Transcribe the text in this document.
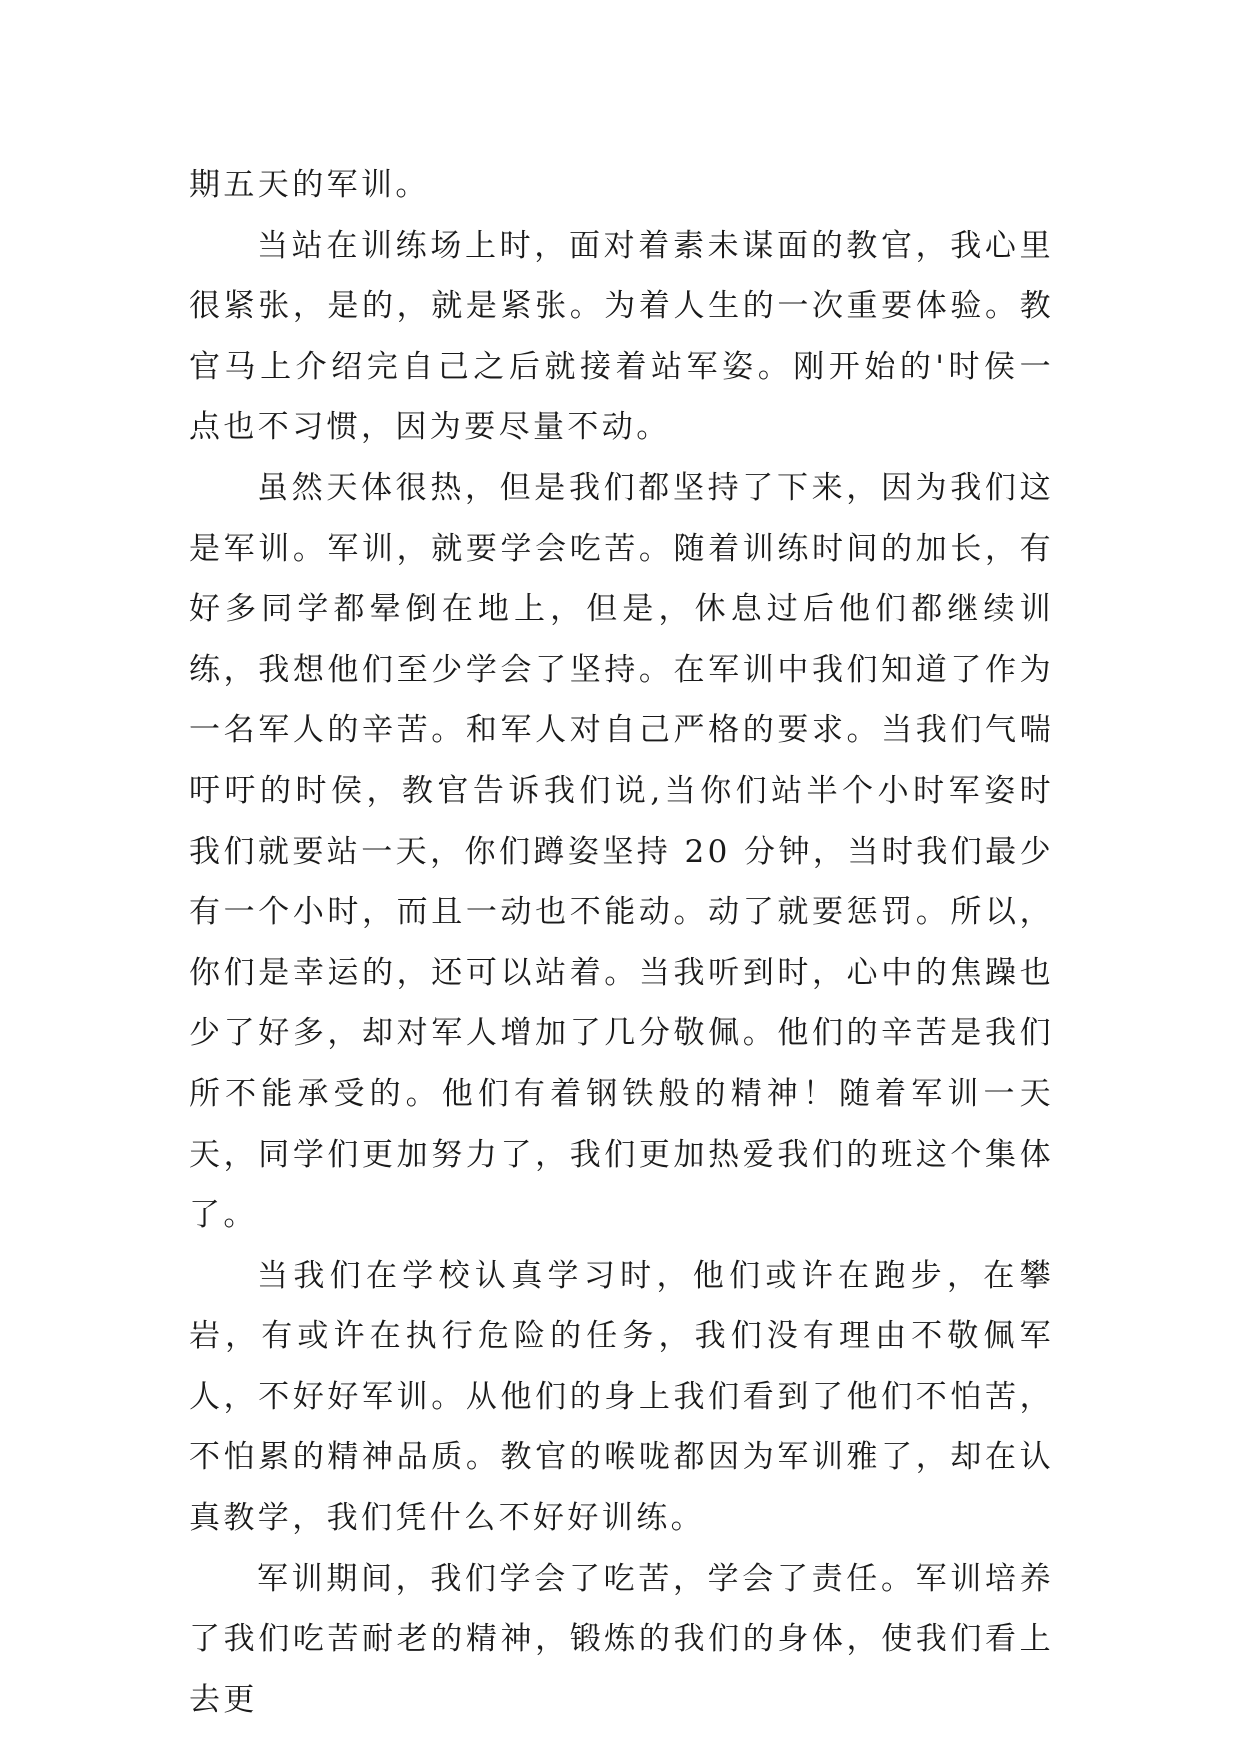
期五天的军训。

当站在训练场上时，面对着素未谋面的教官，我心里很紧张，是的，就是紧张。为着人生的一次重要体验。教官马上介绍完自己之后就接着站军姿。刚开始的'时侯一点也不习惯，因为要尽量不动。

虽然天体很热，但是我们都坚持了下来，因为我们这是军训。军训，就要学会吃苦。随着训练时间的加长，有好多同学都晕倒在地上，但是，休息过后他们都继续训练，我想他们至少学会了坚持。在军训中我们知道了作为一名军人的辛苦。和军人对自己严格的要求。当我们气喘吁吁的时侯，教官告诉我们说,当你们站半个小时军姿时我们就要站一天，你们蹲姿坚持 20 分钟，当时我们最少有一个小时，而且一动也不能动。动了就要惩罚。所以，你们是幸运的，还可以站着。当我听到时，心中的焦躁也少了好多，却对军人增加了几分敬佩。他们的辛苦是我们所不能承受的。他们有着钢铁般的精神！随着军训一天天，同学们更加努力了，我们更加热爱我们的班这个集体了。

当我们在学校认真学习时，他们或许在跑步，在攀岩，有或许在执行危险的任务，我们没有理由不敬佩军人，不好好军训。从他们的身上我们看到了他们不怕苦，不怕累的精神品质。教官的喉咙都因为军训雅了，却在认真教学，我们凭什么不好好训练。

军训期间，我们学会了吃苦，学会了责任。军训培养了我们吃苦耐老的精神，锻炼的我们的身体，使我们看上去更
